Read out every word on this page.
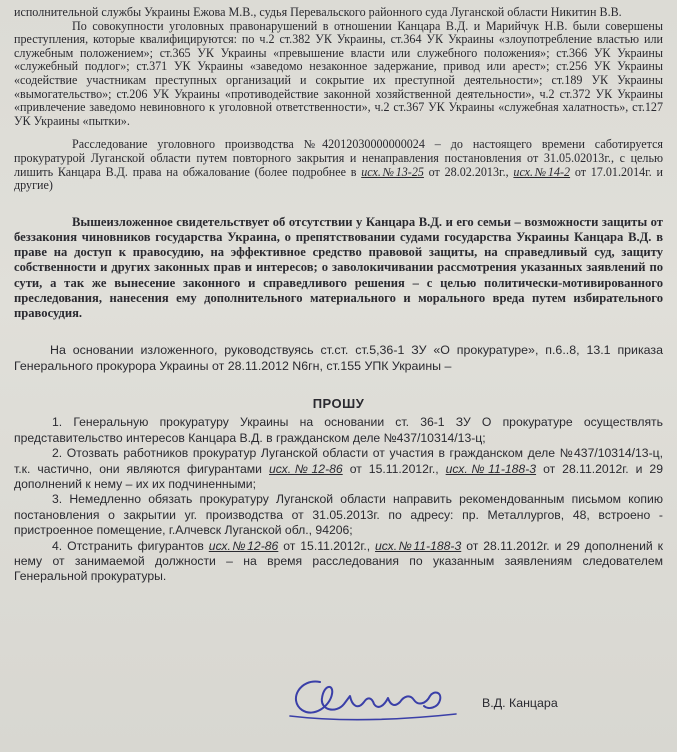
исполнительной службы Украины Ежова М.В., судья Перевальского районного суда Луганской области Никитин В.В.

По совокупности уголовных правонарушений в отношении Канцара В.Д. и Марийчук Н.В. были совершены преступления, которые квалифицируются: по ч.2 ст.382 УК Украины, ст.364 УК Украины «злоупотребление властью или служебным положением»; ст.365 УК Украины «превышение власти или служебного положения»; ст.366 УК Украины «служебный подлог»; ст.371 УК Украины «заведомо незаконное задержание, привод или арест»; ст.256 УК Украины «содействие участникам преступных организаций и сокрытие их преступной деятельности»; ст.189 УК Украины «вымогательство»; ст.206 УК Украины «противодействие законной хозяйственной деятельности», ч.2 ст.372 УК Украины «привлечение заведомо невиновного к уголовной ответственности», ч.2 ст.367 УК Украины «служебная халатность», ст.127 УК Украины «пытки».

Расследование уголовного производства №42012030000000024 – до настоящего времени саботируется прокуратурой Луганской области путем повторного закрытия и ненаправления постановления от 31.05.02013г., с целью лишить Канцара В.Д. права на обжалование (более подробнее в исх.№13-25 от 28.02.2013г., исх.№14-2 от 17.01.2014г. и другие)

Вышеизложенное свидетельствует об отсутствии у Канцара В.Д. и его семьи – возможности защиты от беззакония чиновников государства Украина, о препятствовании судами государства Украины Канцара В.Д. в праве на доступ к правосудию, на эффективное средство правовой защиты, на справедливый суд, защиту собственности и других законных прав и интересов; о заволокичивании рассмотрения указанных заявлений по сути, а так же вынесение законного и справедливого решения – с целью политически-мотивированного преследования, нанесения ему дополнительного материального и морального вреда путем избирательного правосудия.

На основании изложенного, руководствуясь ст.ст. ст.5,36-1 ЗУ «О прокуратуре», п.6..8, 13.1 приказа Генерального прокурора Украины от 28.11.2012 N6гн, ст.155 УПК Украины –

ПРОШУ

1. Генеральную прокуратуру Украины на основании ст. 36-1 ЗУ О прокуратуре осуществлять представительство интересов Канцара В.Д. в гражданском деле №437/10314/13-ц;

2. Отозвать работников прокуратур Луганской области от участия в гражданском деле №437/10314/13-ц, т.к. частично, они являются фигурантами исх.№12-86 от 15.11.2012г., исх.№11-188-3 от 28.11.2012г. и 29 дополнений к нему – их их подчиненными;

3. Немедленно обязать прокуратуру Луганской области направить рекомендованным письмом копию постановления о закрытии уг. производства от 31.05.2013г. по адресу: пр. Металлургов, 48, встроено - пристроенное помещение, г.Алчевск Луганской обл., 94206;

4. Отстранить фигурантов исх.№12-86 от 15.11.2012г., исх.№11-188-3 от 28.11.2012г. и 29 дополнений к нему от занимаемой должности – на время расследования по указанным заявлениям следователем Генеральной прокуратуры.

В.Д. Канцара
